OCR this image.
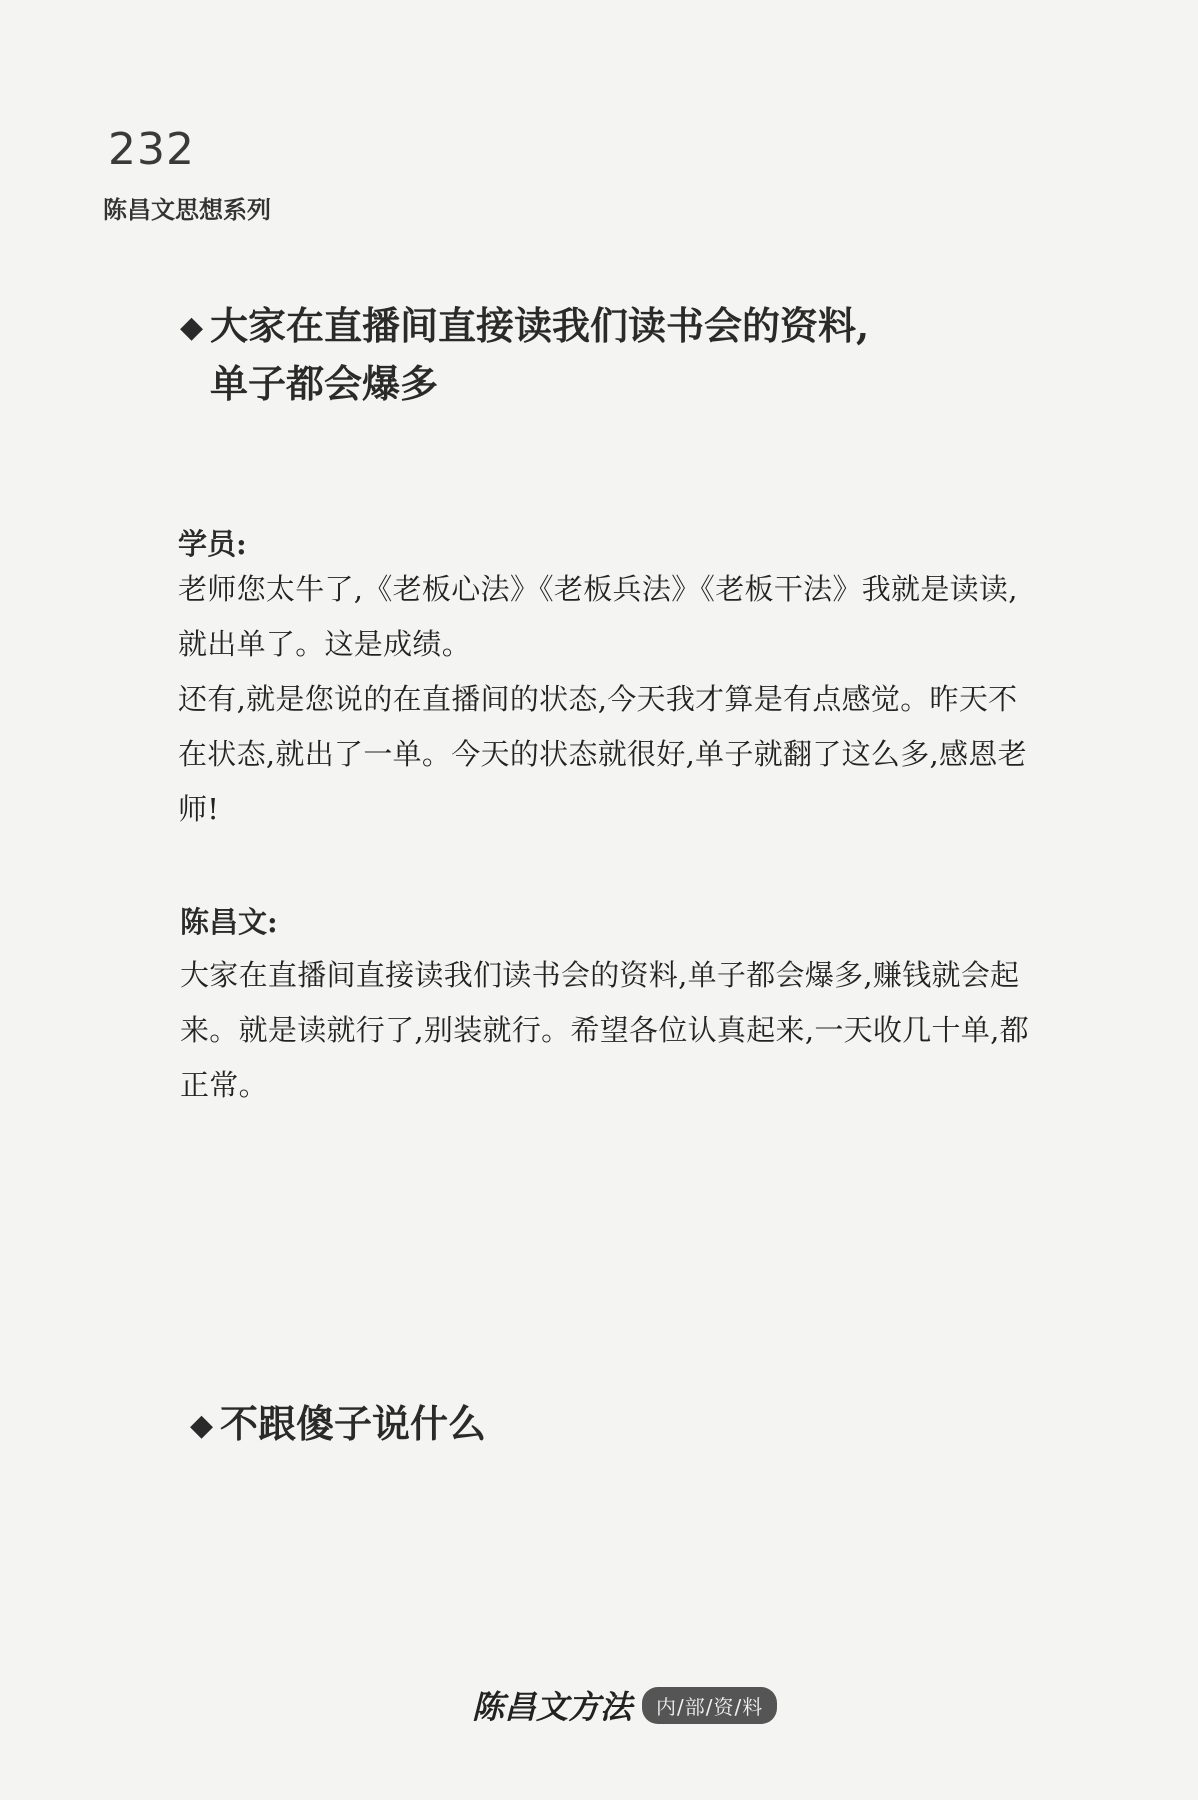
232
陈昌文思想系列
◆ 大家在直播间直接读我们读书会的资料,
单子都会爆多
学员:
老师您太牛了,《老板心法》《老板兵法》《老板干法》我就是读读,就出单了。这是成绩。
还有,就是您说的在直播间的状态,今天我才算是有点感觉。昨天不在状态,就出了一单。今天的状态就很好,单子就翻了这么多,感恩老师!
陈昌文:
大家在直播间直接读我们读书会的资料,单子都会爆多,赚钱就会起来。就是读就行了,别装就行。希望各位认真起来,一天收几十单,都正常。
◆ 不跟傻子说什么
陈昌文方法	内/部/资/料
